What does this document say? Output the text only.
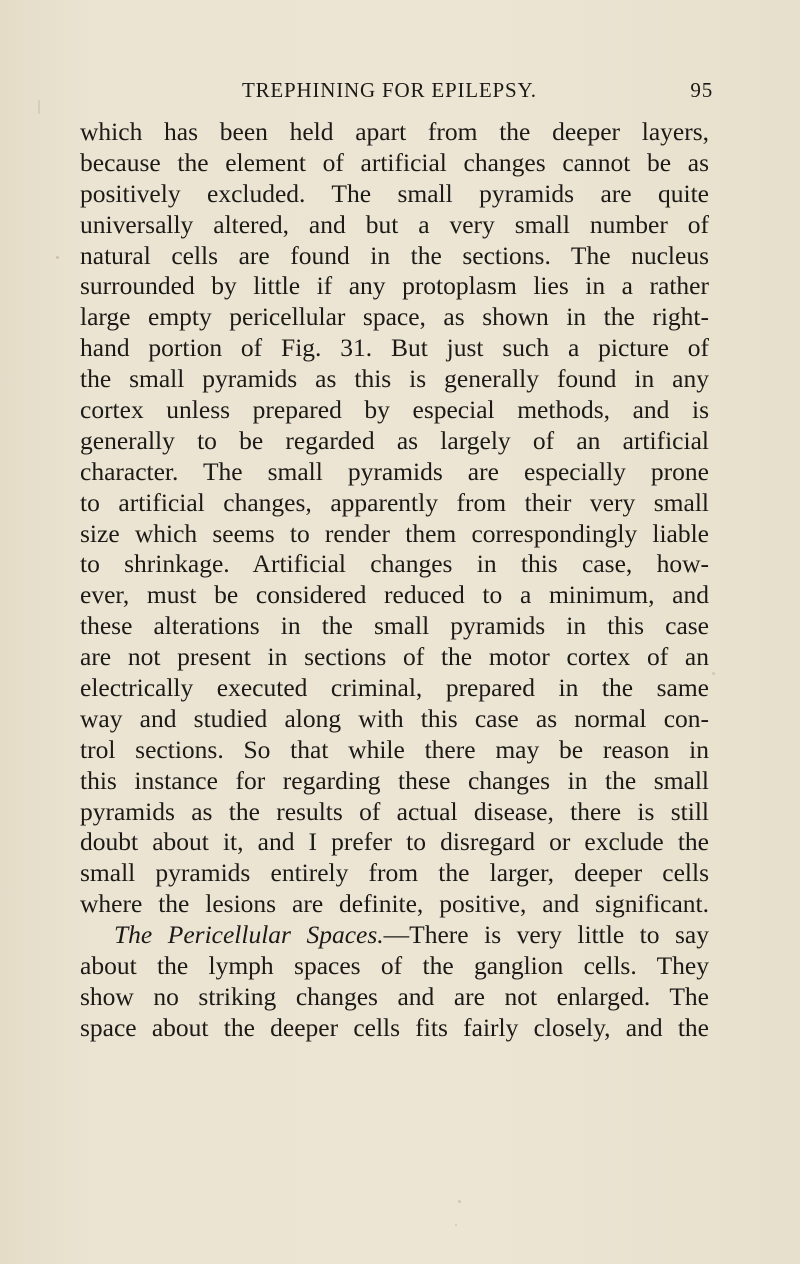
TREPHINING FOR EPILEPSY.	95
which has been held apart from the deeper layers,
because the element of artificial changes cannot be as
positively excluded. The small pyramids are quite
universally altered, and but a very small number of
natural cells are found in the sections. The nucleus
surrounded by little if any protoplasm lies in a rather
large empty pericellular space, as shown in the right-
hand portion of Fig. 31. But just such a picture of
the small pyramids as this is generally found in any
cortex unless prepared by especial methods, and is
generally to be regarded as largely of an artificial
character. The small pyramids are especially prone
to artificial changes, apparently from their very small
size which seems to render them correspondingly liable
to shrinkage. Artificial changes in this case, how-
ever, must be considered reduced to a minimum, and
these alterations in the small pyramids in this case
are not present in sections of the motor cortex of an
electrically executed criminal, prepared in the same
way and studied along with this case as normal con-
trol sections. So that while there may be reason in
this instance for regarding these changes in the small
pyramids as the results of actual disease, there is still
doubt about it, and I prefer to disregard or exclude the
small pyramids entirely from the larger, deeper cells
where the lesions are definite, positive, and significant.
The Pericellular Spaces.—There is very little to say
about the lymph spaces of the ganglion cells. They
show no striking changes and are not enlarged. The
space about the deeper cells fits fairly closely, and the
